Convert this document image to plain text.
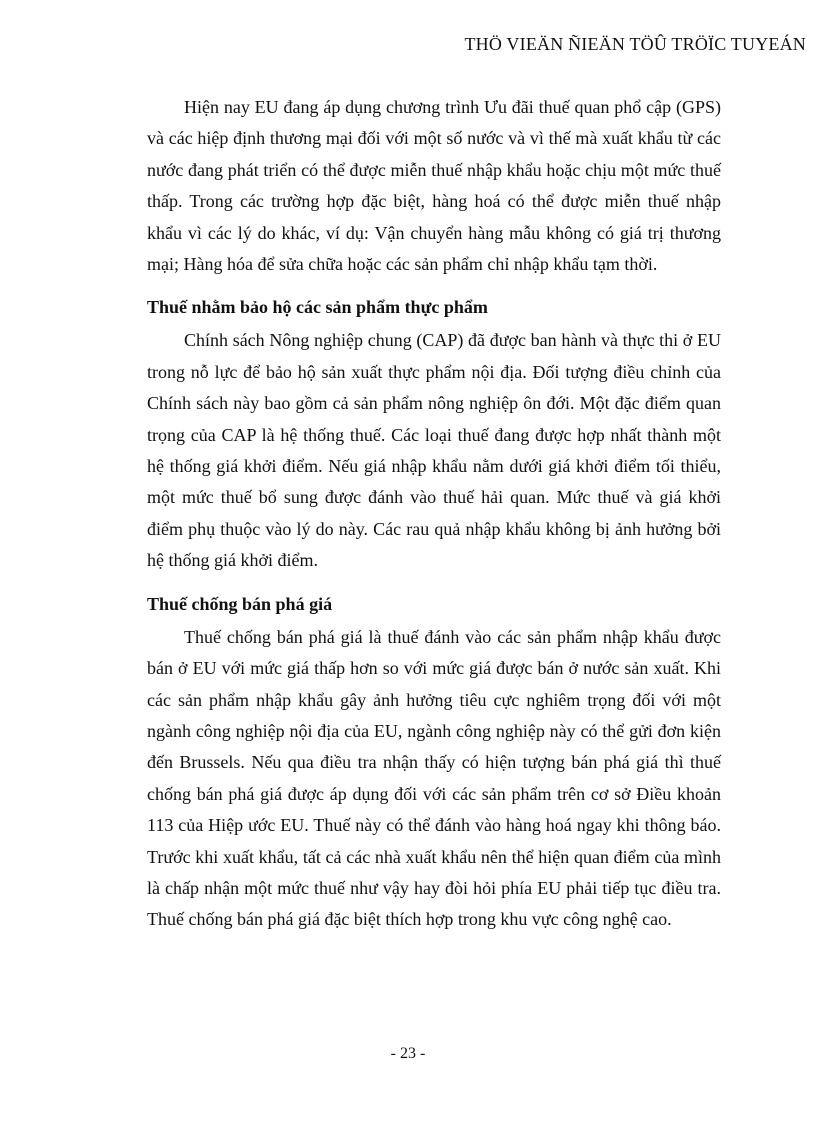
THÖ VIEÄN ÑIEÄN TÖÛ TRÖÏC TUYEÁN

Hiện nay EU đang áp dụng chương trình Ưu đãi thuế quan phổ cập (GPS) và các hiệp định thương mại đối với một số nước và vì thế mà xuất khẩu từ các nước đang phát triển có thể được miễn thuế nhập khẩu hoặc chịu một mức thuế thấp. Trong các trường hợp đặc biệt, hàng hoá có thể được miễn thuế nhập khẩu vì các lý do khác, ví dụ: Vận chuyển hàng mẫu không có giá trị thương mại; Hàng hóa để sửa chữa hoặc các sản phẩm chỉ nhập khẩu tạm thời.

Thuế nhằm bảo hộ các sản phẩm thực phẩm

Chính sách Nông nghiệp chung (CAP) đã được ban hành và thực thi ở EU trong nỗ lực để bảo hộ sản xuất thực phẩm nội địa. Đối tượng điều chỉnh của Chính sách này bao gồm cả sản phẩm nông nghiệp ôn đới. Một đặc điểm quan trọng của CAP là hệ thống thuế. Các loại thuế đang được hợp nhất thành một hệ thống giá khởi điểm. Nếu giá nhập khẩu nằm dưới giá khởi điểm tối thiểu, một mức thuế bổ sung được đánh vào thuế hải quan. Mức thuế và giá khởi điểm phụ thuộc vào lý do này. Các rau quả nhập khẩu không bị ảnh hưởng bởi hệ thống giá khởi điểm.

Thuế chống bán phá giá

Thuế chống bán phá giá là thuế đánh vào các sản phẩm nhập khẩu được bán ở EU với mức giá thấp hơn so với mức giá được bán ở nước sản xuất. Khi các sản phẩm nhập khẩu gây ảnh hưởng tiêu cực nghiêm trọng đối với một ngành công nghiệp nội địa của EU, ngành công nghiệp này có thể gửi đơn kiện đến Brussels. Nếu qua điều tra nhận thấy có hiện tượng bán phá giá thì thuế chống bán phá giá được áp dụng đối với các sản phẩm trên cơ sở Điều khoản 113 của Hiệp ước EU. Thuế này có thể đánh vào hàng hoá ngay khi thông báo. Trước khi xuất khẩu, tất cả các nhà xuất khẩu nên thể hiện quan điểm của mình là chấp nhận một mức thuế như vậy hay đòi hỏi phía EU phải tiếp tục điều tra. Thuế chống bán phá giá đặc biệt thích hợp trong khu vực công nghệ cao.

- 23 -
